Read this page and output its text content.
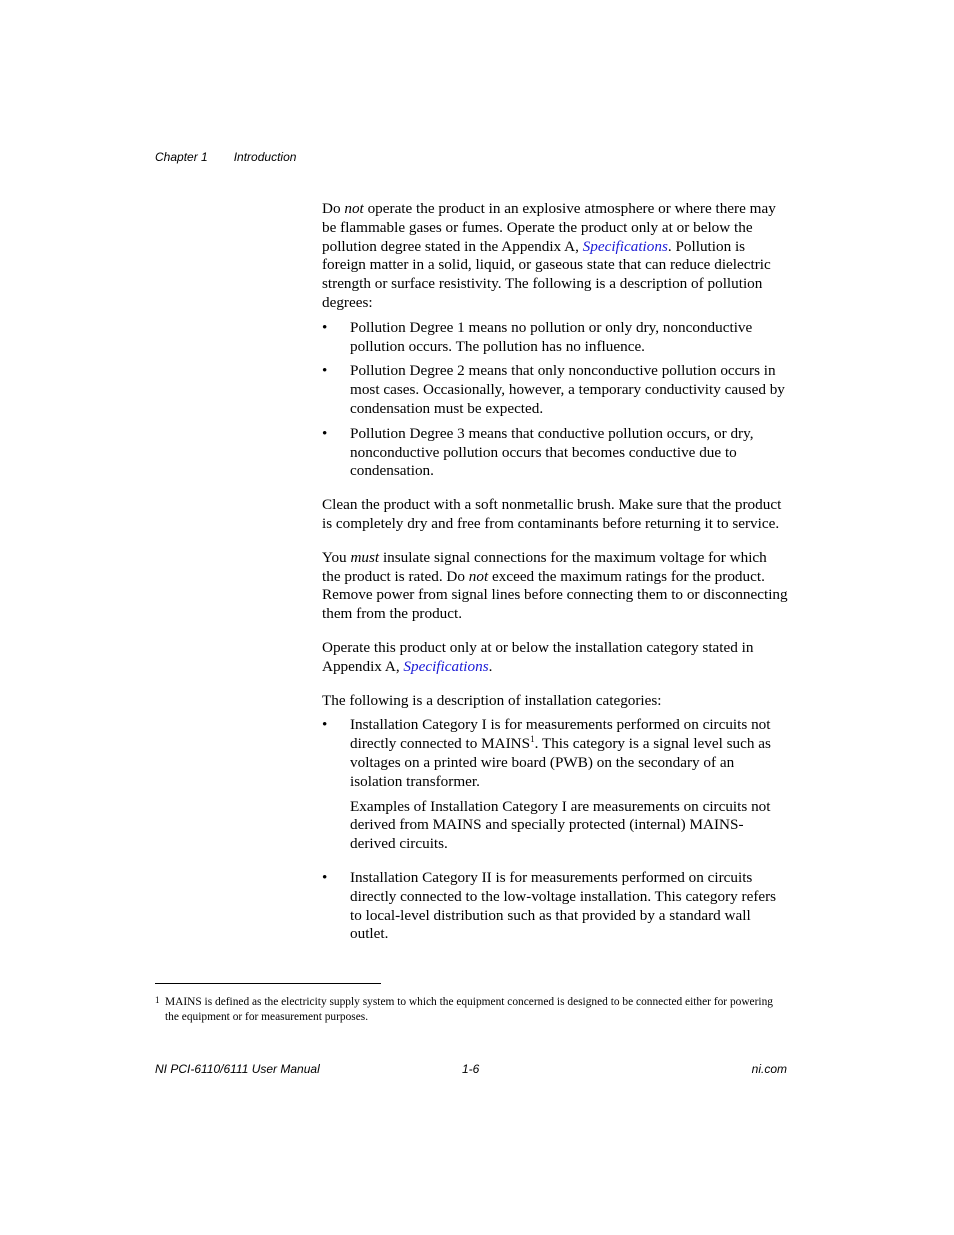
Chapter 1 Introduction

Do not operate the product in an explosive atmosphere or where there may be flammable gases or fumes. Operate the product only at or below the pollution degree stated in the Appendix A, Specifications. Pollution is foreign matter in a solid, liquid, or gaseous state that can reduce dielectric strength or surface resistivity. The following is a description of pollution degrees:

• Pollution Degree 1 means no pollution or only dry, nonconductive pollution occurs. The pollution has no influence.
• Pollution Degree 2 means that only nonconductive pollution occurs in most cases. Occasionally, however, a temporary conductivity caused by condensation must be expected.
• Pollution Degree 3 means that conductive pollution occurs, or dry, nonconductive pollution occurs that becomes conductive due to condensation.

Clean the product with a soft nonmetallic brush. Make sure that the product is completely dry and free from contaminants before returning it to service.

You must insulate signal connections for the maximum voltage for which the product is rated. Do not exceed the maximum ratings for the product. Remove power from signal lines before connecting them to or disconnecting them from the product.

Operate this product only at or below the installation category stated in Appendix A, Specifications.

The following is a description of installation categories:

• Installation Category I is for measurements performed on circuits not directly connected to MAINS$^1$. This category is a signal level such as voltages on a printed wire board (PWB) on the secondary of an isolation transformer.

Examples of Installation Category I are measurements on circuits not derived from MAINS and specially protected (internal) MAINS-derived circuits.

• Installation Category II is for measurements performed on circuits directly connected to the low-voltage installation. This category refers to local-level distribution such as that provided by a standard wall outlet.
1 MAINS is defined as the electricity supply system to which the equipment concerned is designed to be connected either for powering the equipment or for measurement purposes.
NI PCI-6110/6111 User Manual	1-6	ni.com
